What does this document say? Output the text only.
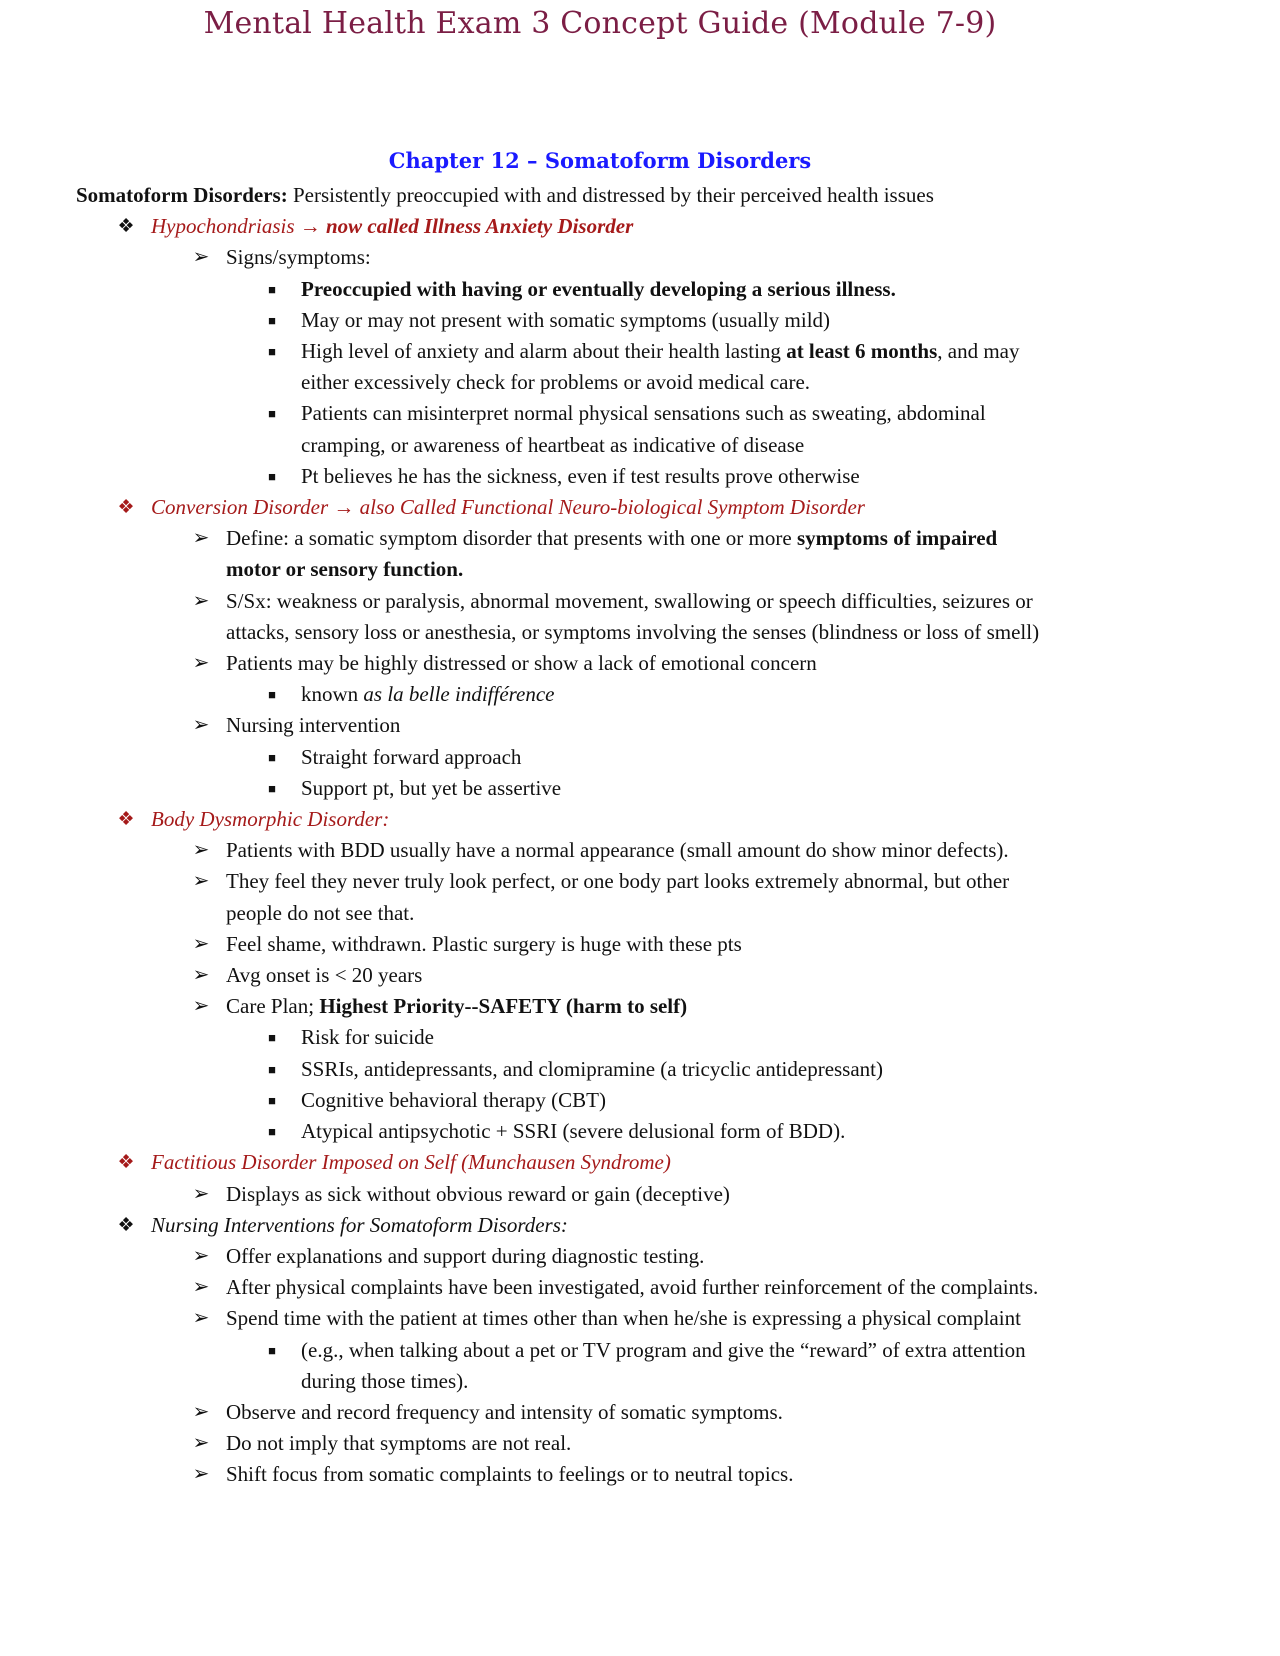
Mental Health Exam 3 Concept Guide (Module 7-9)
Chapter 12 – Somatoform Disorders
Somatoform Disorders: Persistently preoccupied with and distressed by their perceived health issues
❖ Hypochondriasis → now called Illness Anxiety Disorder
➢ Signs/symptoms:
■ Preoccupied with having or eventually developing a serious illness.
■ May or may not present with somatic symptoms (usually mild)
■ High level of anxiety and alarm about their health lasting at least 6 months, and may
either excessively check for problems or avoid medical care.
■ Patients can misinterpret normal physical sensations such as sweating, abdominal
cramping, or awareness of heartbeat as indicative of disease
■ Pt believes he has the sickness, even if test results prove otherwise
❖ Conversion Disorder → also Called Functional Neuro-biological Symptom Disorder
➢ Define: a somatic symptom disorder that presents with one or more symptoms of impaired
motor or sensory function.
➢ S/Sx: weakness or paralysis, abnormal movement, swallowing or speech difficulties, seizures or
attacks, sensory loss or anesthesia, or symptoms involving the senses (blindness or loss of smell)
➢ Patients may be highly distressed or show a lack of emotional concern
■ known as la belle indifférence
➢ Nursing intervention
■ Straight forward approach
■ Support pt, but yet be assertive
❖ Body Dysmorphic Disorder:
➢ Patients with BDD usually have a normal appearance (small amount do show minor defects).
➢ They feel they never truly look perfect, or one body part looks extremely abnormal, but other
people do not see that.
➢ Feel shame, withdrawn. Plastic surgery is huge with these pts
➢ Avg onset is < 20 years
➢ Care Plan; Highest Priority--SAFETY (harm to self)
■ Risk for suicide
■ SSRIs, antidepressants, and clomipramine (a tricyclic antidepressant)
■ Cognitive behavioral therapy (CBT)
■ Atypical antipsychotic + SSRI (severe delusional form of BDD).
❖ Factitious Disorder Imposed on Self (Munchausen Syndrome)
➢ Displays as sick without obvious reward or gain (deceptive)
❖ Nursing Interventions for Somatoform Disorders:
➢ Offer explanations and support during diagnostic testing.
➢ After physical complaints have been investigated, avoid further reinforcement of the complaints.
➢ Spend time with the patient at times other than when he/she is expressing a physical complaint
■ (e.g., when talking about a pet or TV program and give the “reward” of extra attention
during those times).
➢ Observe and record frequency and intensity of somatic symptoms.
➢ Do not imply that symptoms are not real.
➢ Shift focus from somatic complaints to feelings or to neutral topics.
